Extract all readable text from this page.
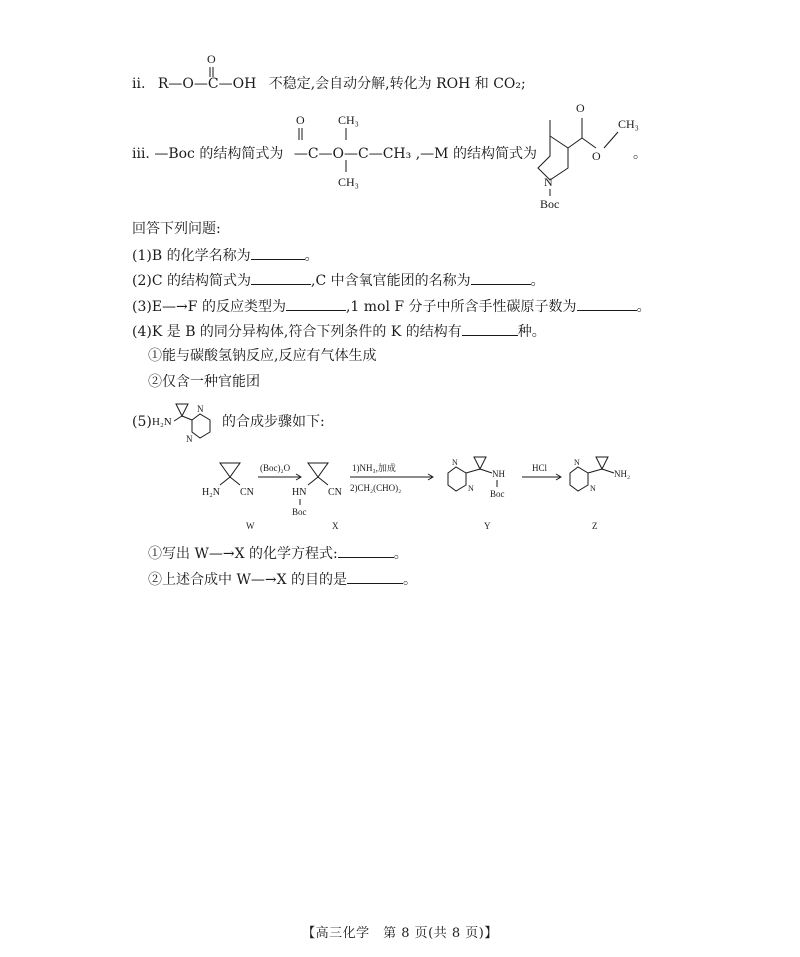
ⅱ. R—O—C—OH 不稳定,会自动分解,转化为 ROH 和 CO₂;
O
ⅲ. —Boc 的结构简式为 —C—O—C—CH₃ ,—M 的结构简式为
O	CH₃
CH₃
O
O
CH₃
N
Boc
。
回答下列问题:
(1)B 的化学名称为	。
(2)C 的结构简式为	,C 中含氧官能团的名称为	。
(3)E—→F 的反应类型为	,1 mol F 分子中所含手性碳原子数为	。
(4)K 是 B 的同分异构体,符合下列条件的 K 的结构有	种。
①能与碳酸氢钠反应,反应有气体生成
②仅含一种官能团
(5) H₂N
N
N
的合成步骤如下:
H₂N CN
(Boc)₂O
HN CN
Boc
1)NH₃,加成
2)CH₂(CHO)₂
N
N
NH
Boc
HCl
N
N
NH₂
W	X	Y	Z
①写出 W—→X 的化学方程式:	。
②上述合成中 W—→X 的目的是	。
【高三化学　第 8 页(共 8 页)】
